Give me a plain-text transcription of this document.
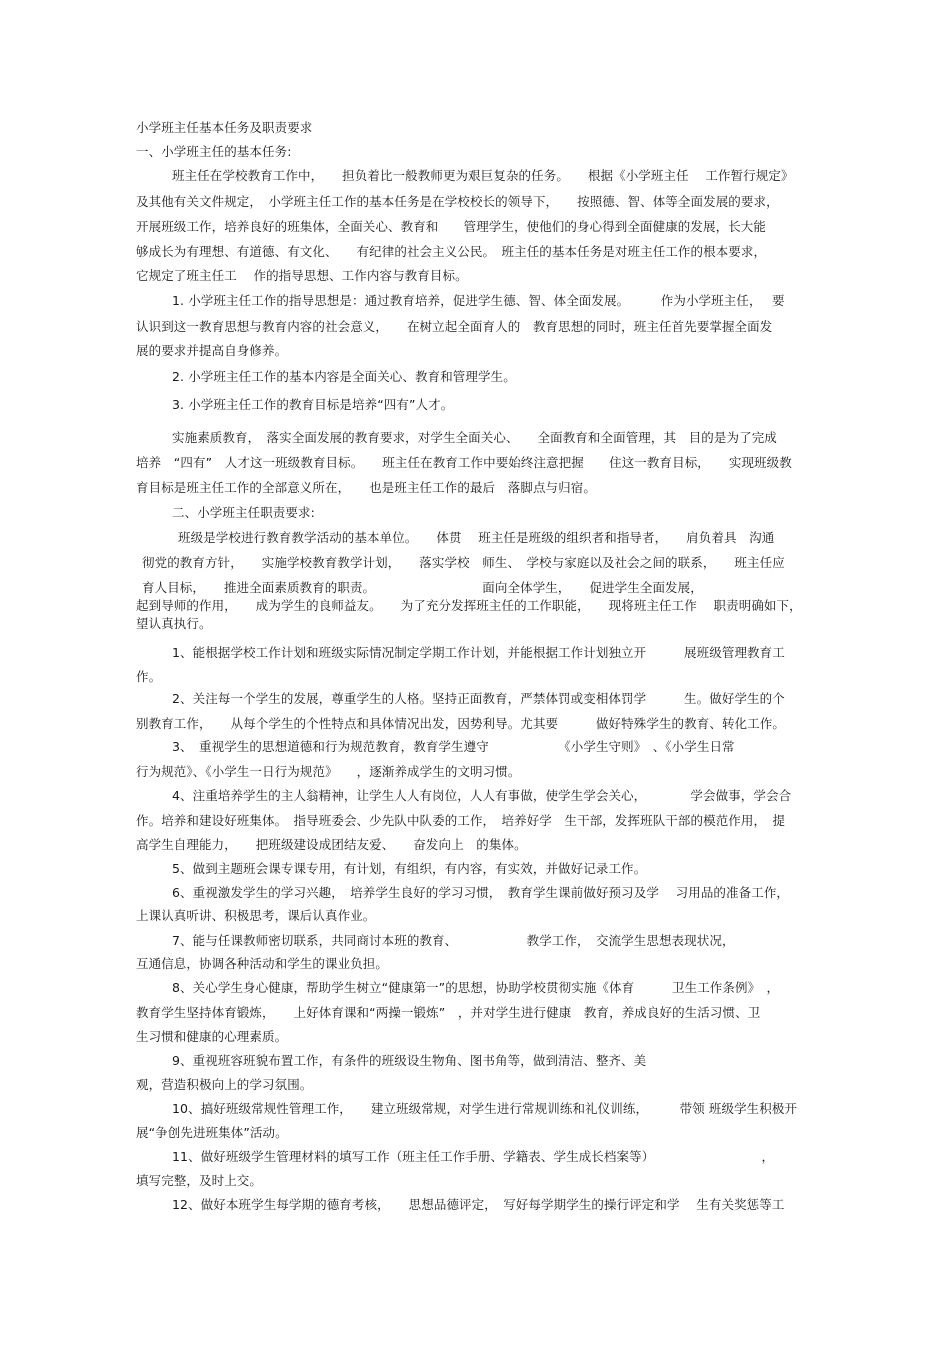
小学班主任基本任务及职责要求

一、小学班主任的基本任务:

班主任在学校教育工作中，　　担负着比一般教师更为艰巨复杂的任务。　　根据《小学班主任　 工作暂行规定》

及其他有关文件规定，　小学班主任工作的基本任务是在学校校长的领导下，　　按照德、智、体等全面发展的要求，

开展班级工作，培养良好的班集体，全面关心、教育和　　管理学生，使他们的身心得到全面健康的发展，长大能

够成长为有理想、有道德、有文化、　　有纪律的社会主义公民。　班主任的基本任务是对班主任工作的根本要求，

它规定了班主任工　 作的指导思想、工作内容与教育目标。

1. 小学班主任工作的指导思想是：通过教育培养，促进学生德、智、体全面发展。　　　作为小学班主任，　 要

认识到这一教育思想与教育内容的社会意义，　　在树立起全面育人的　教育思想的同时，班主任首先要掌握全面发

展的要求并提高自身修养。

2. 小学班主任工作的基本内容是全面关心、教育和管理学生。

3. 小学班主任工作的教育目标是培养“四有”人才。

实施素质教育，　落实全面发展的教育要求，对学生全面关心、　　全面教育和全面管理，其　目的是为了完成

培养　“四有”　人才这一班级教育目标。　　班主任在教育工作中要始终注意把握　　住这一教育目标，　　实现班级教

育目标是班主任工作的全部意义所在，　　也是班主任工作的最后　落脚点与归宿。

二、小学班主任职责要求:

班级是学校进行教育教学活动的基本单位。　　体贯　 班主任是班级的组织者和指导者，　　肩负着具　沟通

彻党的教育方针，　　实施学校教育教学计划，　　落实学校　师生、　学校与家庭以及社会之间的联系，　　班主任应

育人目标，　　推进全面素质教育的职责。　　　　　　　　　面向全体学生，　　促进学生全面发展，

起到导师的作用，　　成为学生的良师益友。　　为了充分发挥班主任的工作职能，　　现将班主任工作　 职责明确如下，

望认真执行。

1、能根据学校工作计划和班级实际情况制定学期工作计划，并能根据工作计划独立开　　　展班级管理教育工

作。

2、关注每一个学生的发展，尊重学生的人格。坚持正面教育，严禁体罚或变相体罚学　　　生。做好学生的个

别教育工作，　　从每个学生的个性特点和具体情况出发，因势利导。尤其要　　　做好特殊学生的教育、转化工作。

3、　重视学生的思想道德和行为规范教育，教育学生遵守　　　　　　《小学生守则》　、《小学生日常

行为规范》、《小学生一日行为规范》　　，逐渐养成学生的文明习惯。

4、注重培养学生的主人翁精神，让学生人人有岗位，人人有事做，使学生学会关心，　　　　学会做事，学会合

作。培养和建设好班集体。　指导班委会、少先队中队委的工作，　培养好学　生干部，发挥班队干部的模范作用，　提

高学生自理能力，　　把班级建设成团结友爱、　　奋发向上　的集体。

5、做到主题班会课专课专用，有计划，有组织，有内容，有实效，并做好记录工作。

6、重视激发学生的学习兴趣，　培养学生良好的学习习惯，　教育学生课前做好预习及学　 习用品的准备工作，

上课认真听讲、积极思考，课后认真作业。

7、能与任课教师密切联系，共同商讨本班的教育、　　　　　　教学工作，　交流学生思想表现状况，

互通信息，协调各种活动和学生的课业负担。

8、关心学生身心健康，帮助学生树立“健康第一”的思想，协助学校贯彻实施《体育　　　卫生工作条例》　，

教育学生坚持体育锻炼，　　上好体育课和“两操一锻炼”　，并对学生进行健康　教育，养成良好的生活习惯、卫

生习惯和健康的心理素质。

9、重视班容班貌布置工作，有条件的班级设生物角、图书角等，做到清洁、整齐、美

观，营造积极向上的学习氛围。

10、搞好班级常规性管理工作，　　建立班级常规，对学生进行常规训练和礼仪训练，　　　带领 班级学生积极开

展“争创先进班集体”活动。

11、做好班级学生管理材料的填写工作（班主任工作手册、学籍表、学生成长档案等）　　　　　　　　　，

填写完整，及时上交。

12、做好本班学生每学期的德育考核，　　思想品德评定，　写好每学期学生的操行评定和学　 生有关奖惩等工
